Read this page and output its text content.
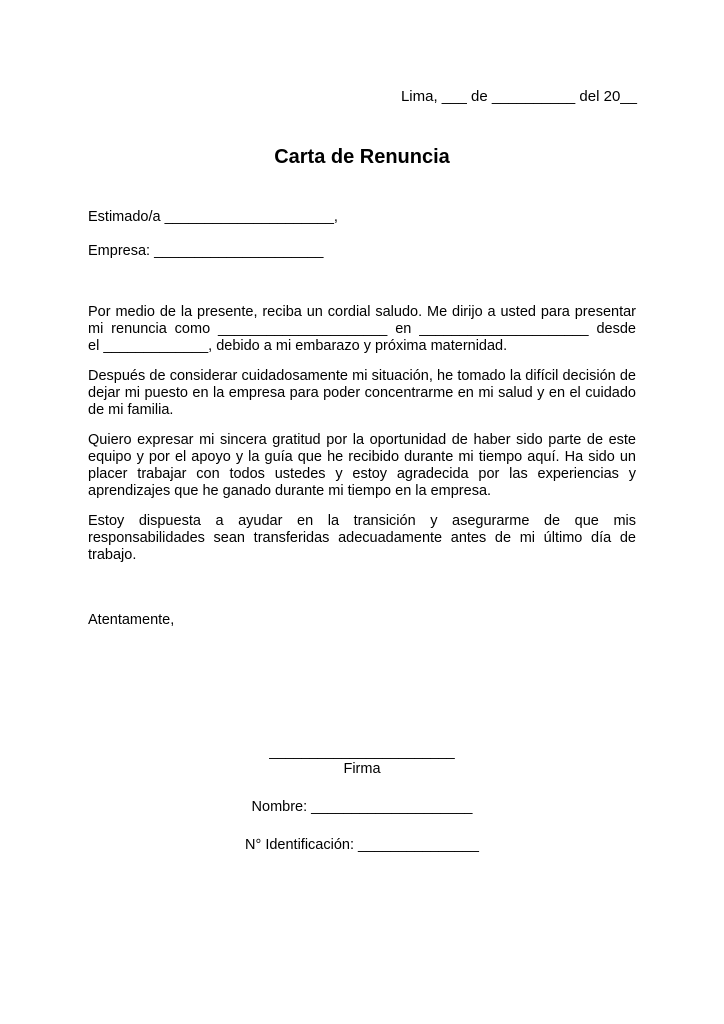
Lima, ___ de __________ del 20__
Carta de Renuncia
Estimado/a _____________________,
Empresa: _____________________

Por medio de la presente, reciba un cordial saludo. Me dirijo a usted para presentar
mi renuncia como _____________________ en _____________________ desde
el _____________, debido a mi embarazo y próxima maternidad.

Después de considerar cuidadosamente mi situación, he tomado la difícil decisión de dejar mi puesto en la empresa para poder concentrarme en mi salud y en el cuidado de mi familia.

Quiero expresar mi sincera gratitud por la oportunidad de haber sido parte de este equipo y por el apoyo y la guía que he recibido durante mi tiempo aquí. Ha sido un placer trabajar con todos ustedes y estoy agradecida por las experiencias y aprendizajes que he ganado durante mi tiempo en la empresa.

Estoy dispuesta a ayudar en la transición y asegurarme de que mis responsabilidades sean transferidas adecuadamente antes de mi último día de trabajo.

Atentamente,
_______________________
Firma
Nombre: ____________________
N° Identificación: _______________
